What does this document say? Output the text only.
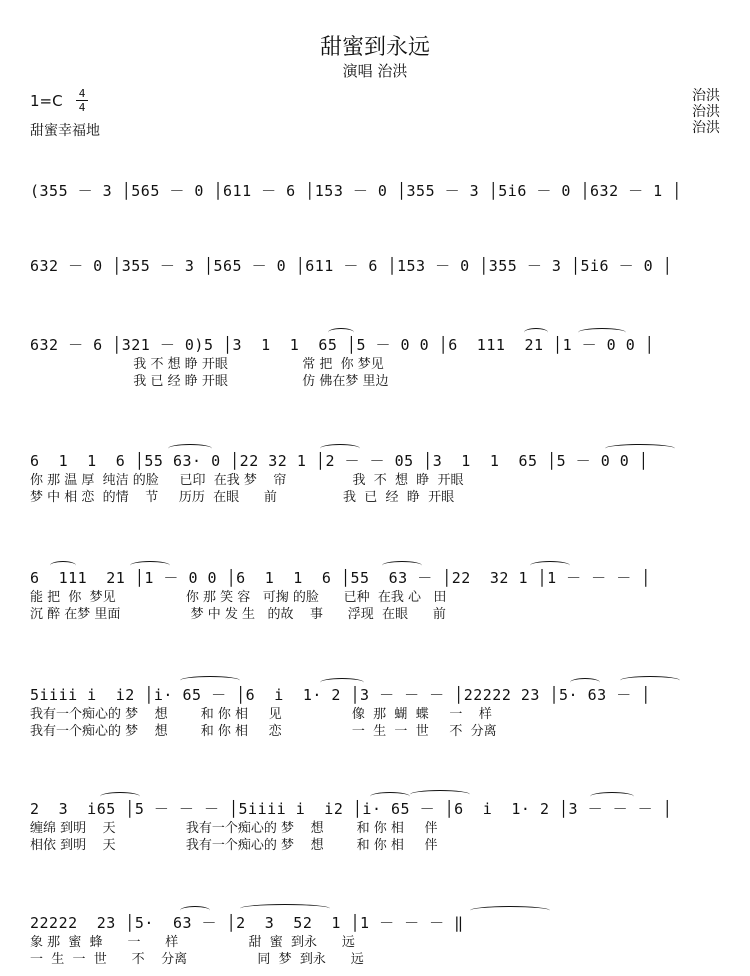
甜蜜到永远
演唱 治洪
1=C 4
4
甜蜜幸福地
治洪
治洪
治洪
(355 － 3 │565 － 0 │611 － 6 │153 － 0 │355 － 3 │5i6 － 0 │632 － 1 │
632 － 0 │355 － 3 │565 － 0 │611 － 6 │153 － 0 │355 － 3 │5i6 － 0 │
632 － 6 │321 － 0)5 │3  1  1  65 │5 － 0 0 │6  111  21 │1 － 0 0 │
我 不 想 睁 开眼                  常 把  你 梦见
我 已 经 睁 开眼                  仿 佛在梦 里边
6  1  1  6 │55 63· 0 │22 32 1 │2 － － 05 │3  1  1  65 │5 － 0 0 │
你 那 温 厚  纯洁 的脸     已印  在我 梦    帘                我  不  想  睁  开眼
梦 中 相 恋  的情    节     历历  在眼      前                我  已  经  睁  开眼
6  111  21 │1 － 0 0 │6  1  1  6 │55  63 － │22  32 1 │1 － － － │
能 把  你  梦见                 你 那 笑 容   可掬 的脸      已种  在我 心   田
沉 醉 在梦 里面                 梦 中 发 生   的故    事      浮现  在眼      前
5iiii i  i2 │i· 65 － │6  i  1· 2 │3 － － － │22222 23 │5· 63 － │
我有一个痴心的 梦    想        和 你 相     见                 像  那  蝴  蝶     一    样
我有一个痴心的 梦    想        和 你 相     恋                 一  生  一  世     不  分离
2  3  i65 │5 － － － │5iiii i  i2 │i· 65 － │6  i  1· 2 │3 － － － │
缠绵 到明    天                 我有一个痴心的 梦    想        和 你 相     伴
相依 到明    天                 我有一个痴心的 梦    想        和 你 相     伴
22222  23 │5·  63 － │2  3  52  1 │1 － － － ‖
象 那  蜜  蜂      一      样                 甜  蜜  到永      远
一  生  一  世      不    分离                 同  梦  到永      远
